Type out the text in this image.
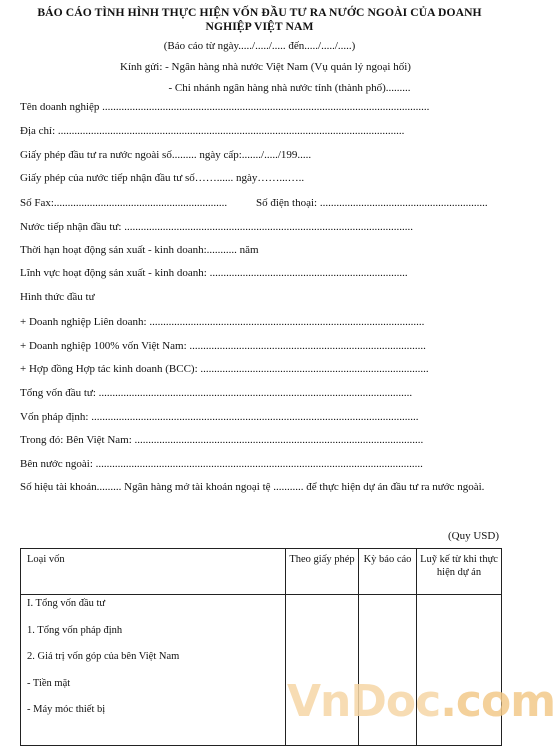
BÁO CÁO TÌNH HÌNH THỰC HIỆN VỐN ĐẦU TƯ RA NƯỚC NGOÀI CỦA DOANH
NGHIỆP VIỆT NAM
(Báo cáo từ ngày...../...../..... đến...../...../.....)
Kính gửi: - Ngân hàng nhà nước Việt Nam (Vụ quản lý ngoại hối)
- Chi nhánh ngân hàng nhà nước tỉnh (thành phố).........
Tên doanh nghiệp .......................................................................................................................
Địa chỉ: ..............................................................................................................................
Giấy phép đầu tư ra nước ngoài số......... ngày cấp:......./...../199.....
Giấy phép của nước tiếp nhận đầu tư số……...... ngày……...…..
Số Fax:...............................................................	Số điện thoại: .............................................................
Nước tiếp nhận đầu tư: .........................................................................................................
Thời hạn hoạt động sản xuất - kinh doanh:........... năm
Lĩnh vực hoạt động sản xuất - kinh doanh: ........................................................................
Hình thức đầu tư
+ Doanh nghiệp Liên doanh: ....................................................................................................
+ Doanh nghiệp 100% vốn Việt Nam: ......................................................................................
+ Hợp đồng Hợp tác kinh doanh (BCC): ...................................................................................
Tổng vốn đầu tư: ..................................................................................................................
Vốn pháp định: .......................................................................................................................
Trong đó: Bên Việt Nam: .........................................................................................................
Bên nước ngoài: .......................................................................................................................
Số hiệu tài khoản......... Ngân hàng mở tài khoản ngoại tệ ........... để thực hiện dự án đầu tư ra nước ngoài.
(Quy USD)
Loại vốn	Theo giấy phép	Kỳ báo cáo	Luỹ kế từ khi thực hiện dự án

I. Tổng vốn đầu tư
1. Tổng vốn pháp định
2. Giá trị vốn góp của bên Việt Nam
- Tiền mặt
- Máy móc thiết bị			
				VnDoc.com
